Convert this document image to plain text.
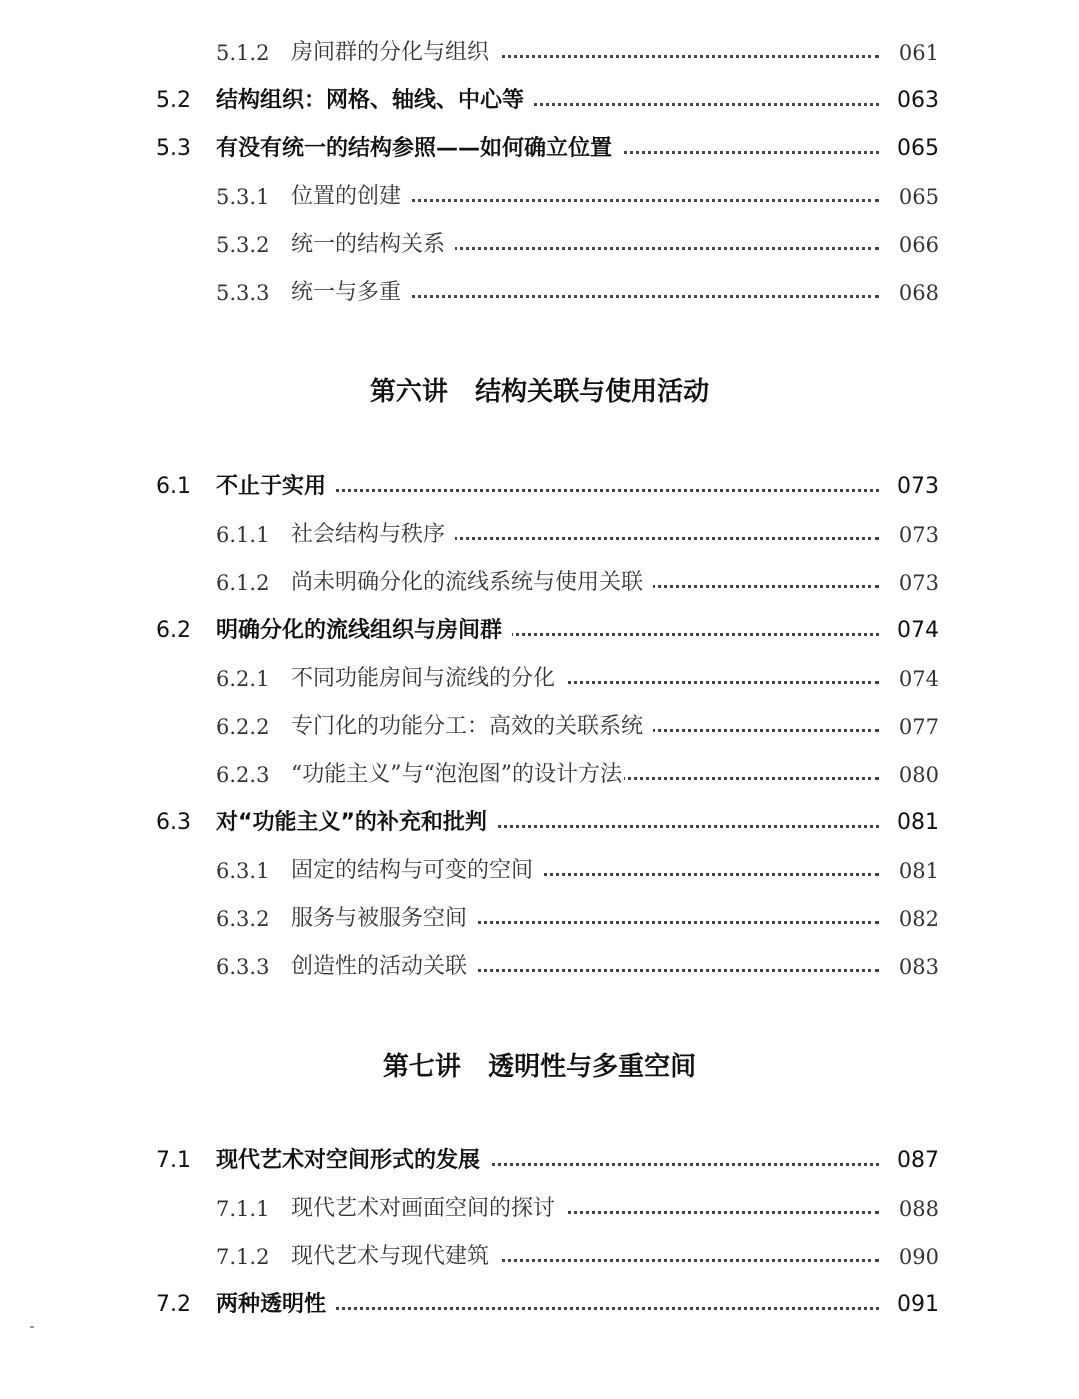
5.1.2 房间群的分化与组织	061
5.2 结构组织：网格、轴线、中心等	063
5.3 有没有统一的结构参照——如何确立位置	065
5.3.1 位置的创建	065
5.3.2 统一的结构关系	066
5.3.3 统一与多重	068
第六讲 结构关联与使用活动
6.1 不止于实用	073
6.1.1 社会结构与秩序	073
6.1.2 尚未明确分化的流线系统与使用关联	073
6.2 明确分化的流线组织与房间群	074
6.2.1 不同功能房间与流线的分化	074
6.2.2 专门化的功能分工：高效的关联系统	077
6.2.3 “功能主义”与“泡泡图”的设计方法	080
6.3 对“功能主义”的补充和批判	081
6.3.1 固定的结构与可变的空间	081
6.3.2 服务与被服务空间	082
6.3.3 创造性的活动关联	083
第七讲 透明性与多重空间
7.1 现代艺术对空间形式的发展	087
7.1.1 现代艺术对画面空间的探讨	088
7.1.2 现代艺术与现代建筑	090
7.2 两种透明性	091
